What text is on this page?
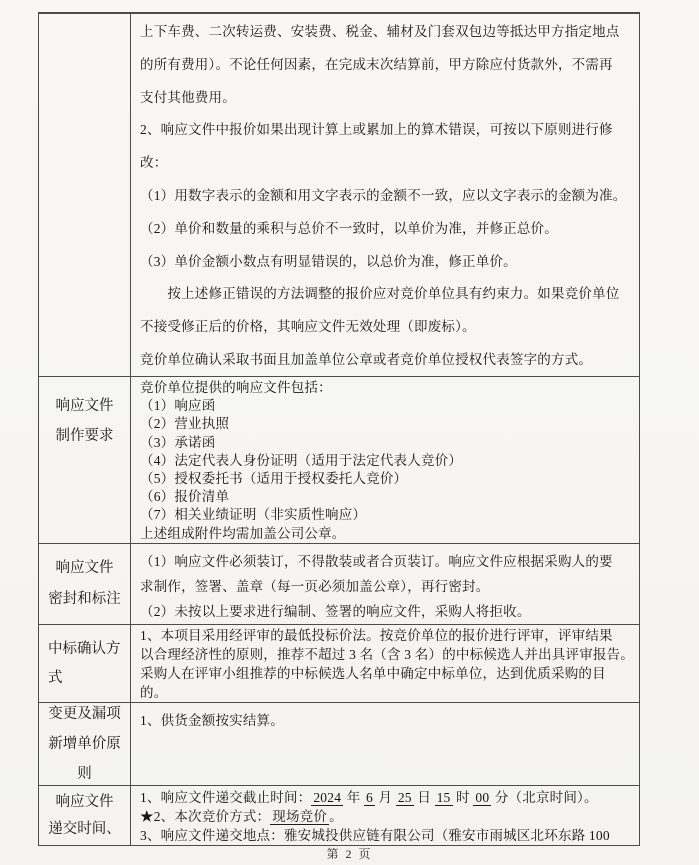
上下车费、二次转运费、安装费、税金、辅材及门套双包边等抵达甲方指定地点
的所有费用）。不论任何因素，在完成末次结算前，甲方除应付货款外，不需再
支付其他费用。
2、响应文件中报价如果出现计算上或累加上的算术错误，可按以下原则进行修
改：
（1）用数字表示的金额和用文字表示的金额不一致，应以文字表示的金额为准。
（2）单价和数量的乘积与总价不一致时，以单价为准，并修正总价。
（3）单价金额小数点有明显错误的，以总价为准，修正单价。
　　按上述修正错误的方法调整的报价应对竞价单位具有约束力。如果竞价单位
不接受修正后的价格，其响应文件无效处理（即废标）。
竞价单位确认采取书面且加盖单位公章或者竞价单位授权代表签字的方式。
响应文件
制作要求
竞价单位提供的响应文件包括：
（1）响应函
（2）营业执照
（3）承诺函
（4）法定代表人身份证明（适用于法定代表人竞价）
（5）授权委托书（适用于授权委托人竞价）
（6）报价清单
（7）相关业绩证明（非实质性响应）
上述组成附件均需加盖公司公章。
响应文件
密封和标注
（1）响应文件必须装订，不得散装或者合页装订。响应文件应根据采购人的要
求制作，签署、盖章（每一页必须加盖公章），再行密封。
（2）未按以上要求进行编制、签署的响应文件，采购人将拒收。
中标确认方
式
1、本项目采用经评审的最低投标价法。按竞价单位的报价进行评审，评审结果
以合理经济性的原则，推荐不超过 3 名（含 3 名）的中标候选人并出具评审报告。
采购人在评审小组推荐的中标候选人名单中确定中标单位，达到优质采购的目
的。
变更及漏项
新增单价原
则
1、供货金额按实结算。
响应文件
递交时间、
1、响应文件递交截止时间： 2024 年 6 月 25 日 15 时 00 分（北京时间）。
★2、本次竞价方式： 现场竞价 。
3、响应文件递交地点：雅安城投供应链有限公司（雅安市雨城区北环东路 100
第 2 页
